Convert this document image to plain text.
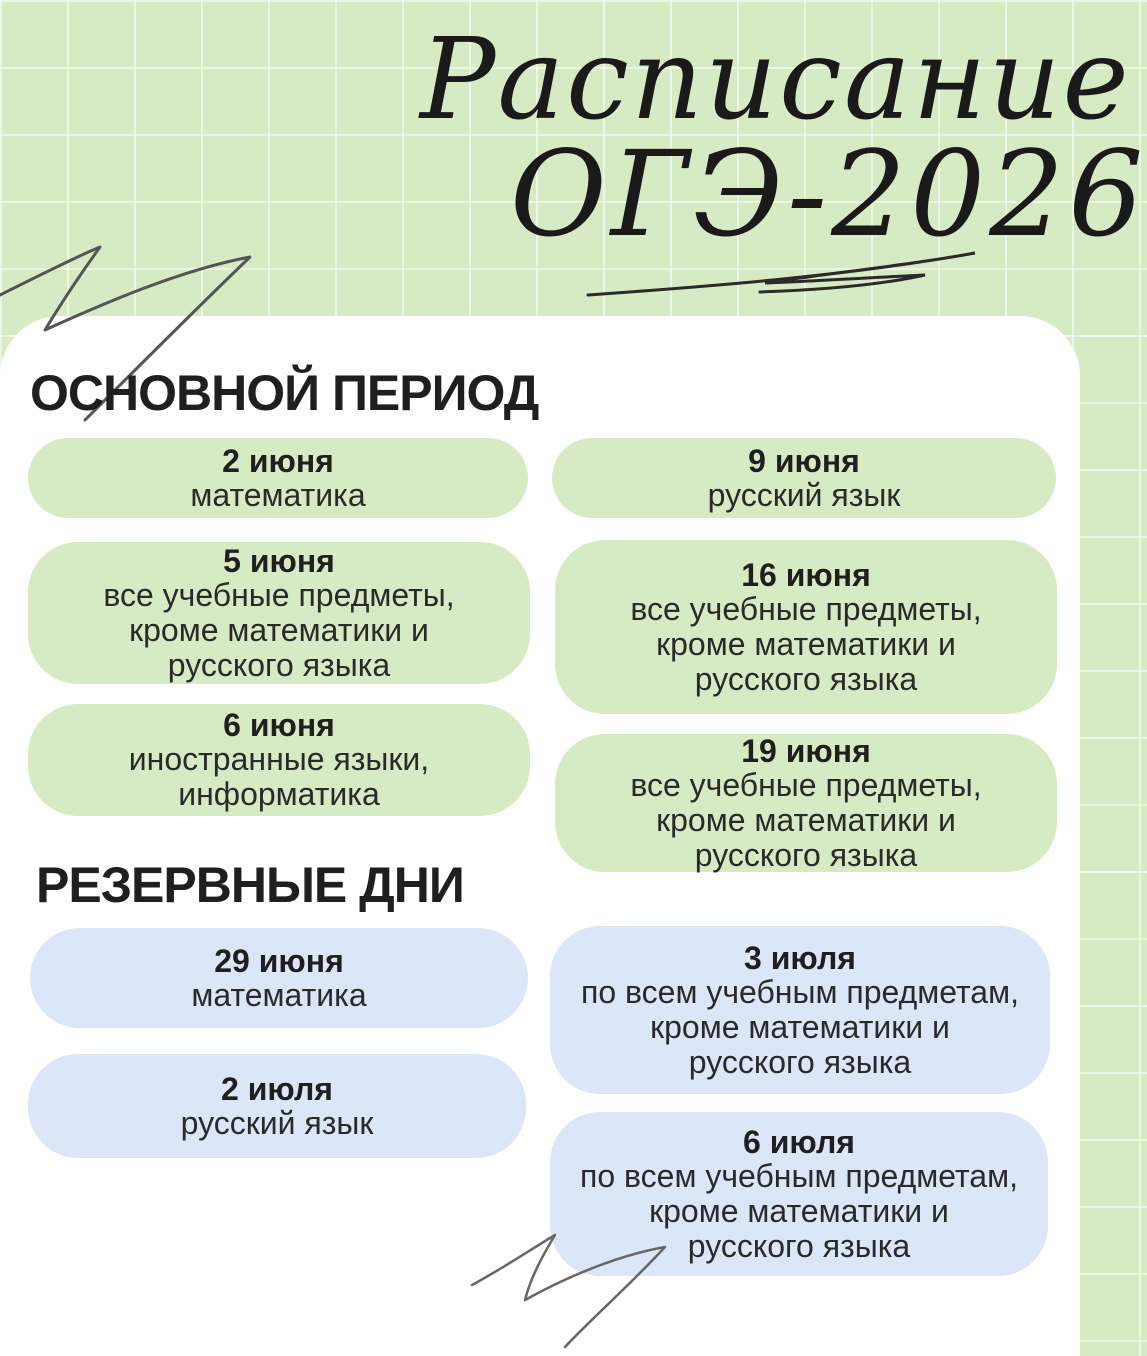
Расписание
ОГЭ-2026
ОСНОВНОЙ ПЕРИОД
2 июня
математика
5 июня
все учебные предметы,
кроме математики и
русского языка
6 июня
иностранные языки,
информатика
9 июня
русский язык
16 июня
все учебные предметы,
кроме математики и
русского языка
19 июня
все учебные предметы,
кроме математики и
русского языка
РЕЗЕРВНЫЕ ДНИ
29 июня
математика
2 июля
русский язык
3 июля
по всем учебным предметам,
кроме математики и
русского языка
6 июля
по всем учебным предметам,
кроме математики и
русского языка
